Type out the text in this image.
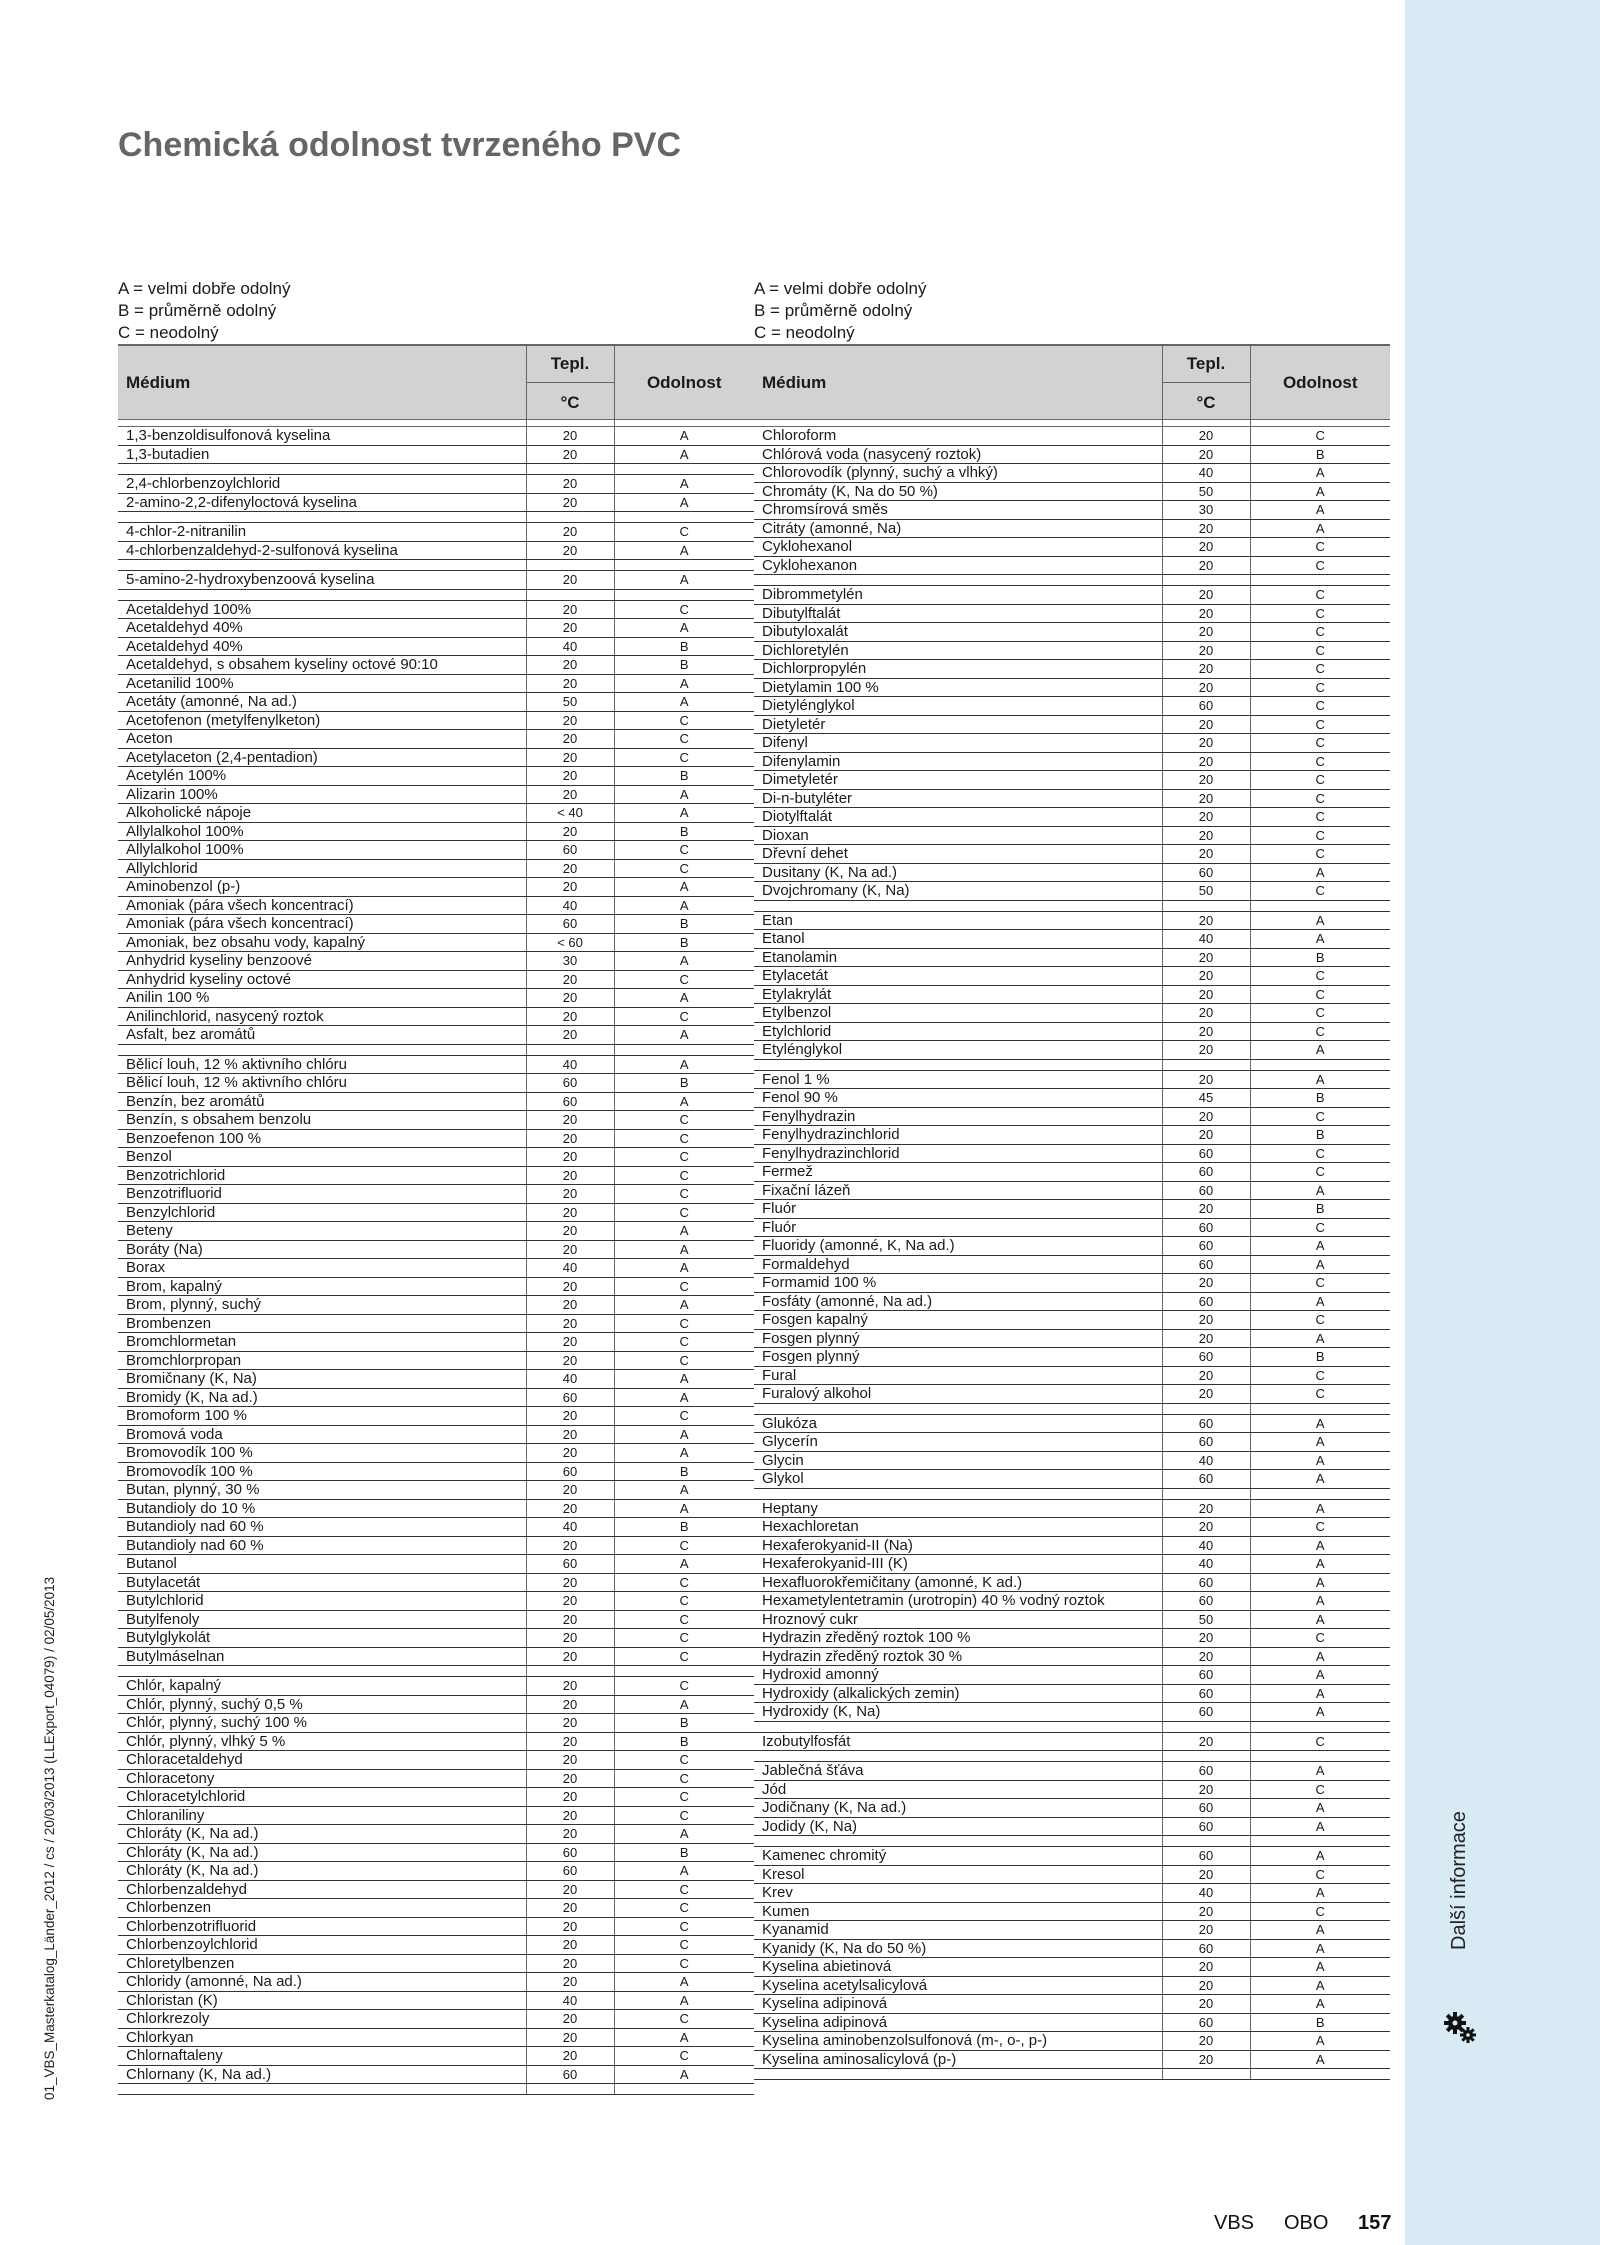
Další informace
Chemická odolnost tvrzeného PVC
01_VBS_Masterkatalog_Länder_2012 / cs / 20/03/2013 (LLExport_04079) / 02/05/2013
A = velmi dobře odolný
B = průměrně odolný
C = neodolný
Médium	Tepl.
°C	Odolnost

1,3-benzoldisulfonová kyselina	20	A
1,3-butadien	20	A

2,4-chlorbenzoylchlorid	20	A
2-amino-2,2-difenyloctová kyselina	20	A

4-chlor-2-nitranilin	20	C
4-chlorbenzaldehyd-2-sulfonová kyselina	20	A

5-amino-2-hydroxybenzoová kyselina	20	A

Acetaldehyd 100%	20	C
Acetaldehyd 40%	20	A
Acetaldehyd 40%	40	B
Acetaldehyd, s obsahem kyseliny octové 90:10	20	B
Acetanilid 100%	20	A
Acetáty (amonné, Na ad.)	50	A
Acetofenon (metylfenylketon)	20	C
Aceton	20	C
Acetylaceton (2,4-pentadion)	20	C
Acetylén 100%	20	B
Alizarin 100%	20	A
Alkoholické nápoje	< 40	A
Allylalkohol 100%	20	B
Allylalkohol 100%	60	C
Allylchlorid	20	C
Aminobenzol (p-)	20	A
Amoniak (pára všech koncentrací)	40	A
Amoniak (pára všech koncentrací)	60	B
Amoniak, bez obsahu vody, kapalný	< 60	B
Anhydrid kyseliny benzoové	30	A
Anhydrid kyseliny octové	20	C
Anilin 100 %	20	A
Anilinchlorid, nasycený roztok	20	C
Asfalt, bez aromátů	20	A

Bělicí louh, 12 % aktivního chlóru	40	A
Bělicí louh, 12 % aktivního chlóru	60	B
Benzín, bez aromátů	60	A
Benzín, s obsahem benzolu	20	C
Benzoefenon 100 %	20	C
Benzol	20	C
Benzotrichlorid	20	C
Benzotrifluorid	20	C
Benzylchlorid	20	C
Beteny	20	A
Boráty (Na)	20	A
Borax	40	A
Brom, kapalný	20	C
Brom, plynný, suchý	20	A
Brombenzen	20	C
Bromchlormetan	20	C
Bromchlorpropan	20	C
Bromičnany (K, Na)	40	A
Bromidy (K, Na ad.)	60	A
Bromoform 100 %	20	C
Bromová voda	20	A
Bromovodík 100 %	20	A
Bromovodík 100 %	60	B
Butan, plynný, 30 %	20	A
Butandioly do 10 %	20	A
Butandioly nad 60 %	40	B
Butandioly nad 60 %	20	C
Butanol	60	A
Butylacetát	20	C
Butylchlorid	20	C
Butylfenoly	20	C
Butylglykolát	20	C
Butylmáselnan	20	C

Chlór, kapalný	20	C
Chlór, plynný, suchý 0,5 %	20	A
Chlór, plynný, suchý 100 %	20	B
Chlór, plynný, vlhký 5 %	20	B
Chloracetaldehyd	20	C
Chloracetony	20	C
Chloracetylchlorid	20	C
Chloraniliny	20	C
Chloráty (K, Na ad.)	20	A
Chloráty (K, Na ad.)	60	B
Chloráty (K, Na ad.)	60	A
Chlorbenzaldehyd	20	C
Chlorbenzen	20	C
Chlorbenzotrifluorid	20	C
Chlorbenzoylchlorid	20	C
Chloretylbenzen	20	C
Chloridy (amonné, Na ad.)	20	A
Chloristan (K)	40	A
Chlorkrezoly	20	C
Chlorkyan	20	A
Chlornaftaleny	20	C
Chlornany (K, Na ad.)	60	A

A = velmi dobře odolný
B = průměrně odolný
C = neodolný
Médium	Tepl.
°C	Odolnost

Chloroform	20	C
Chlórová voda (nasycený roztok)	20	B
Chlorovodík (plynný, suchý a vlhký)	40	A
Chromáty (K, Na do 50 %)	50	A
Chromsírová směs	30	A
Citráty (amonné, Na)	20	A
Cyklohexanol	20	C
Cyklohexanon	20	C

Dibrommetylén	20	C
Dibutylftalát	20	C
Dibutyloxalát	20	C
Dichloretylén	20	C
Dichlorpropylén	20	C
Dietylamin 100 %	20	C
Dietylénglykol	60	C
Dietyletér	20	C
Difenyl	20	C
Difenylamin	20	C
Dimetyletér	20	C
Di-n-butyléter	20	C
Diotylftalát	20	C
Dioxan	20	C
Dřevní dehet	20	C
Dusitany (K, Na ad.)	60	A
Dvojchromany (K, Na)	50	C

Etan	20	A
Etanol	40	A
Etanolamin	20	B
Etylacetát	20	C
Etylakrylát	20	C
Etylbenzol	20	C
Etylchlorid	20	C
Etylénglykol	20	A

Fenol 1 %	20	A
Fenol 90 %	45	B
Fenylhydrazin	20	C
Fenylhydrazinchlorid	20	B
Fenylhydrazinchlorid	60	C
Fermež	60	C
Fixační lázeň	60	A
Fluór	20	B
Fluór	60	C
Fluoridy (amonné, K, Na ad.)	60	A
Formaldehyd	60	A
Formamid 100 %	20	C
Fosfáty (amonné, Na ad.)	60	A
Fosgen kapalný	20	C
Fosgen plynný	20	A
Fosgen plynný	60	B
Fural	20	C
Furalový alkohol	20	C

Glukóza	60	A
Glycerín	60	A
Glycin	40	A
Glykol	60	A

Heptany	20	A
Hexachloretan	20	C
Hexaferokyanid-II (Na)	40	A
Hexaferokyanid-III (K)	40	A
Hexafluorokřemičitany (amonné, K ad.)	60	A
Hexametylentetramin (urotropin) 40 % vodný roztok	60	A
Hroznový cukr	50	A
Hydrazin zředěný roztok 100 %	20	C
Hydrazin zředěný roztok 30 %	20	A
Hydroxid amonný	60	A
Hydroxidy (alkalických zemin)	60	A
Hydroxidy (K, Na)	60	A

Izobutylfosfát	20	C

Jablečná šťáva	60	A
Jód	20	C
Jodičnany (K, Na ad.)	60	A
Jodidy (K, Na)	60	A

Kamenec chromitý	60	A
Kresol	20	C
Krev	40	A
Kumen	20	C
Kyanamid	20	A
Kyanidy (K, Na do 50 %)	60	A
Kyselina abietinová	20	A
Kyselina acetylsalicylová	20	A
Kyselina adipinová	20	A
Kyselina adipinová	60	B
Kyselina aminobenzolsulfonová (m-, o-, p-)	20	A
Kyselina aminosalicylová (p-)	20	A

VBS OBO 157
